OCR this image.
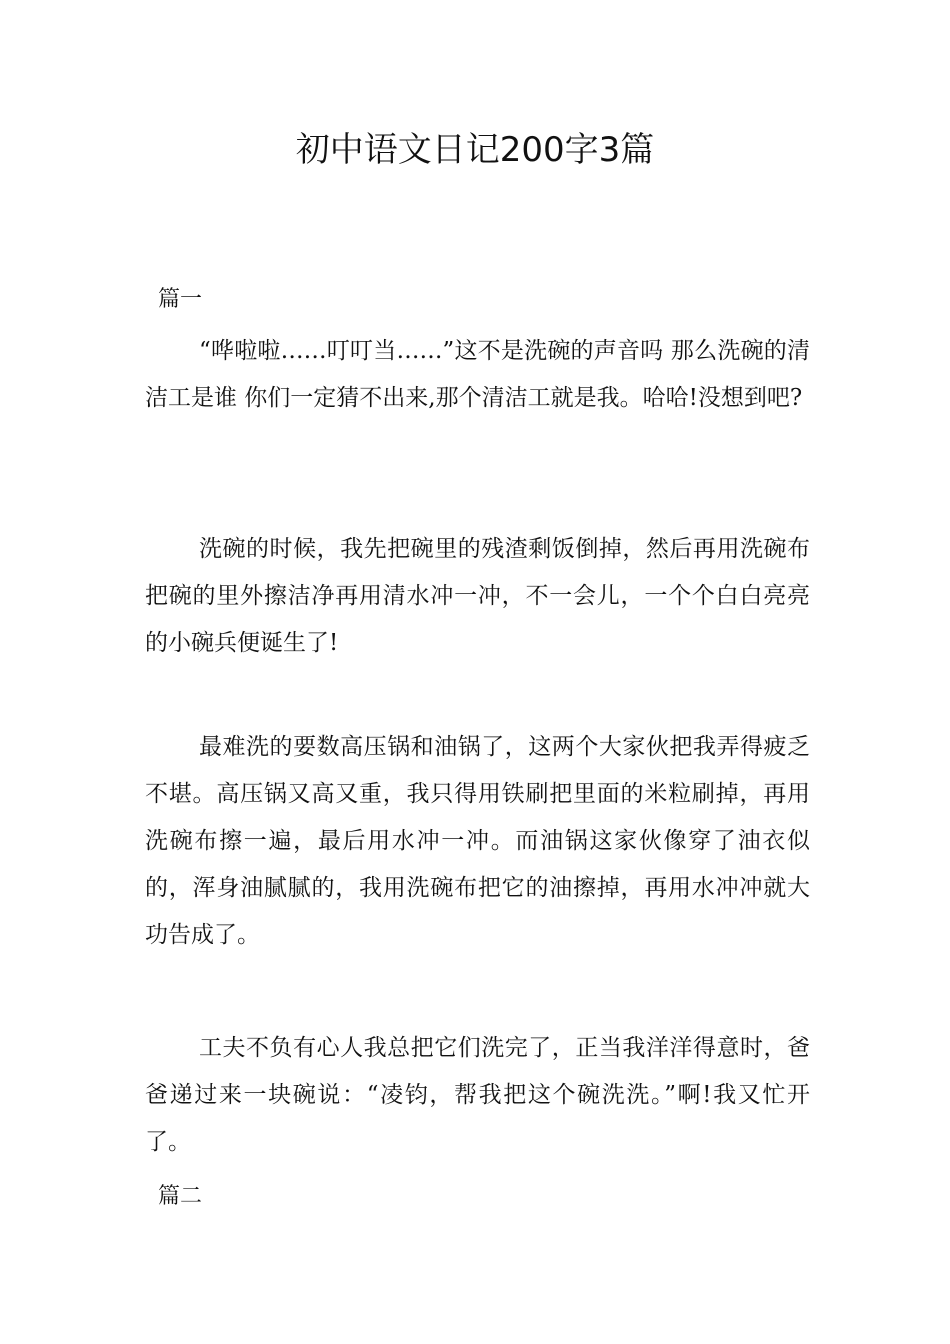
初中语文日记200字3篇
篇一
“哗啦啦……叮叮当……”这不是洗碗的声音吗 那么洗碗的清洁工是谁 你们一定猜不出来,那个清洁工就是我。哈哈!没想到吧?
洗碗的时候，我先把碗里的残渣剩饭倒掉，然后再用洗碗布把碗的里外擦洁净再用清水冲一冲，不一会儿，一个个白白亮亮的小碗兵便诞生了!
最难洗的要数高压锅和油锅了，这两个大家伙把我弄得疲乏不堪。高压锅又高又重，我只得用铁刷把里面的米粒刷掉，再用洗碗布擦一遍，最后用水冲一冲。而油锅这家伙像穿了油衣似的，浑身油腻腻的，我用洗碗布把它的油擦掉，再用水冲冲就大功告成了。
工夫不负有心人我总把它们洗完了，正当我洋洋得意时，爸爸递过来一块碗说：“凌钧，帮我把这个碗洗洗。”啊!我又忙开了。
篇二
